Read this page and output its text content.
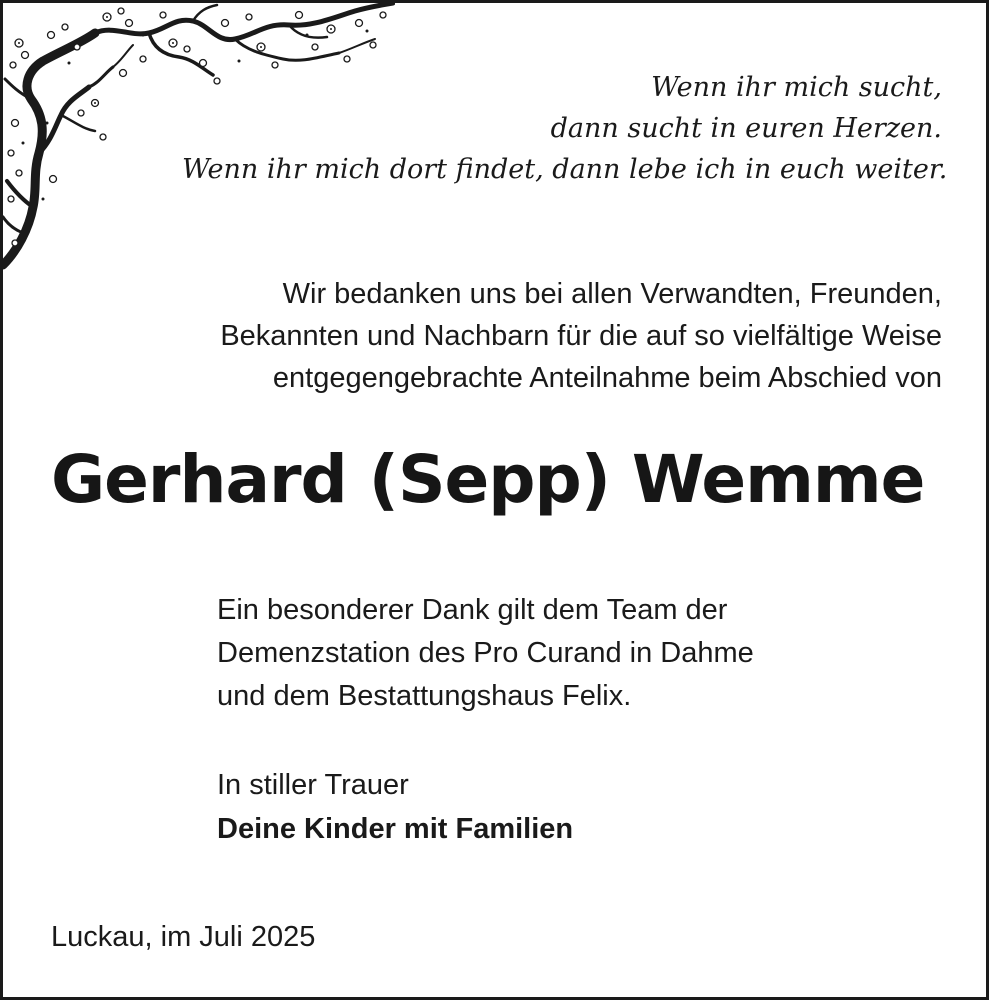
Wenn ihr mich sucht,
dann sucht in euren Herzen.
Wenn ihr mich dort findet, dann lebe ich in euch weiter.
Wir bedanken uns bei allen Verwandten, Freunden,
Bekannten und Nachbarn für die auf so vielfältige Weise
entgegengebrachte Anteilnahme beim Abschied von
Gerhard (Sepp) Wemme
Ein besonderer Dank gilt dem Team der
Demenzstation des Pro Curand in Dahme
und dem Bestattungshaus Felix.
In stiller Trauer
Deine Kinder mit Familien
Luckau, im Juli 2025
